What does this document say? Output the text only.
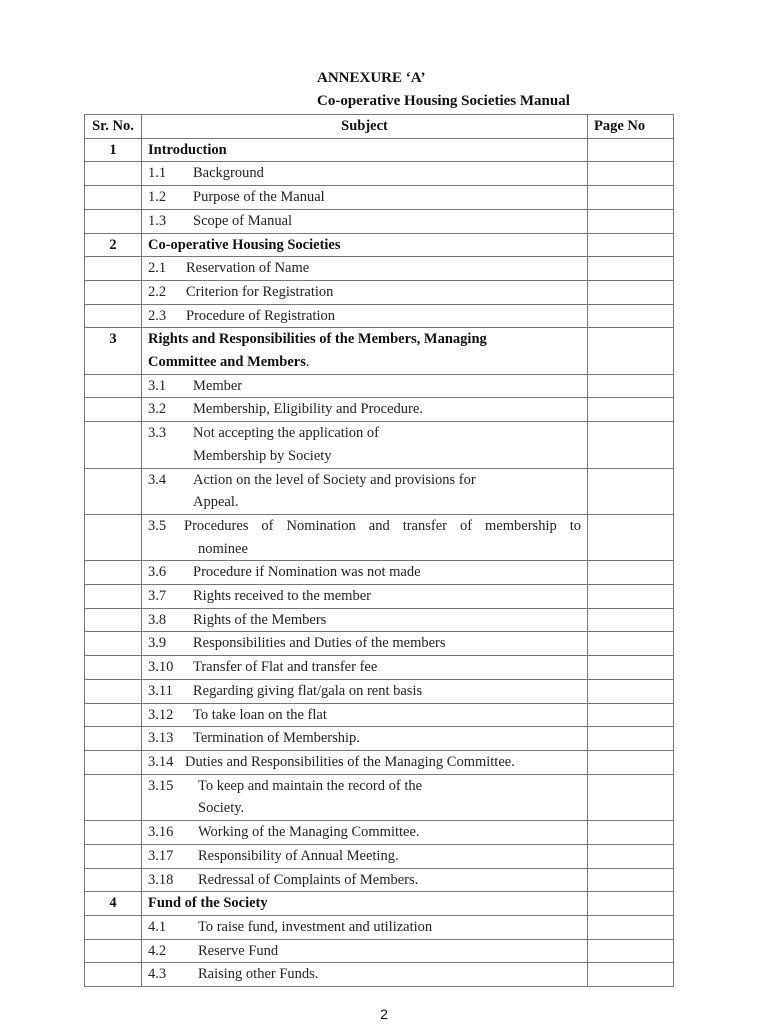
ANNEXURE ‘A’
Co-operative Housing Societies Manual
Sr. No.	Subject	Page No
1	Introduction	
	1.1 Background	
	1.2 Purpose of the Manual	
	1.3 Scope of Manual	
2	Co-operative Housing Societies	
	2.1 Reservation of Name	
	2.2 Criterion for Registration	
	2.3 Procedure of Registration	
3	Rights and Responsibilities of the Members, Managing
Committee and Members.	
	3.1 Member	
	3.2 Membership, Eligibility and Procedure.	
	3.3 Not accepting the application of
Membership by Society	

	3.4 Action on the level of Society and provisions for
Appeal.	

	3.5 Procedures of Nomination and transfer of membership to
nominee	

	3.6 Procedure if Nomination was not made	
	3.7 Rights received to the member	
	3.8 Rights of the Members	
	3.9 Responsibilities and Duties of the members	
	3.10 Transfer of Flat and transfer fee	
	3.11 Regarding giving flat/gala on rent basis	
	3.12 To take loan on the flat	
	3.13 Termination of Membership.	
	3.14 Duties and Responsibilities of the Managing Committee.	
	3.15 To keep and maintain the record of the
Society.	

	3.16 Working of the Managing Committee.	
	3.17 Responsibility of Annual Meeting.	
	3.18 Redressal of Complaints of Members.	
4	Fund of the Society	
	4.1 To raise fund, investment and utilization	
	4.2 Reserve Fund	
	4.3 Raising other Funds.	
2
